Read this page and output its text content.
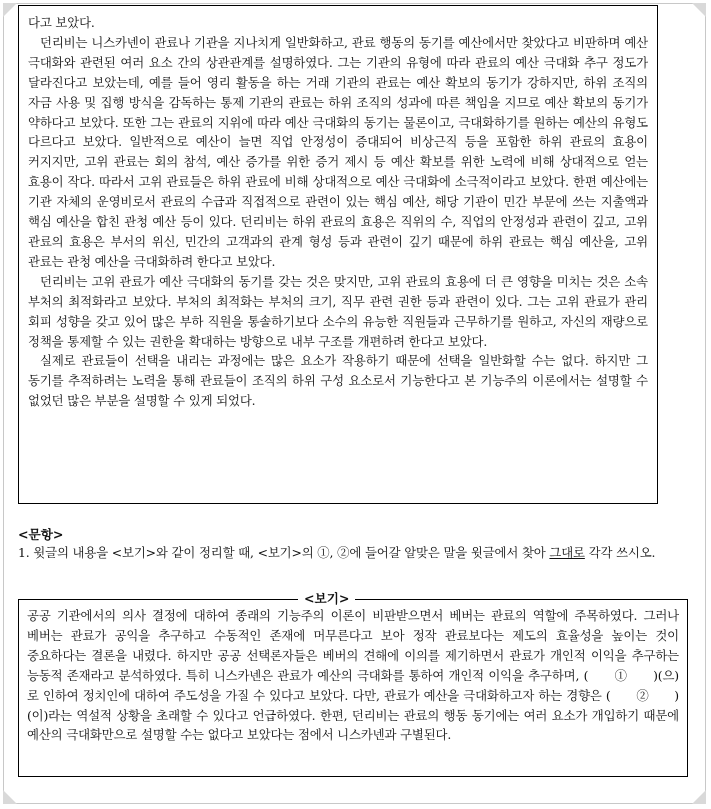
다고 보았다.

던리비는 니스카넨이 관료나 기관을 지나치게 일반화하고, 관료 행동의 동기를 예산에서만 찾았다고 비판하며 예산 극대화와 관련된 여러 요소 간의 상관관계를 설명하였다. 그는 기관의 유형에 따라 관료의 예산 극대화 추구 정도가 달라진다고 보았는데, 예를 들어 영리 활동을 하는 거래 기관의 관료는 예산 확보의 동기가 강하지만, 하위 조직의 자금 사용 및 집행 방식을 감독하는 통제 기관의 관료는 하위 조직의 성과에 따른 책임을 지므로 예산 확보의 동기가 약하다고 보았다. 또한 그는 관료의 지위에 따라 예산 극대화의 동기는 물론이고, 극대화하기를 원하는 예산의 유형도 다르다고 보았다. 일반적으로 예산이 늘면 직업 안정성이 증대되어 비상근직 등을 포함한 하위 관료의 효용이 커지지만, 고위 관료는 회의 참석, 예산 증가를 위한 증거 제시 등 예산 확보를 위한 노력에 비해 상대적으로 얻는 효용이 작다. 따라서 고위 관료들은 하위 관료에 비해 상대적으로 예산 극대화에 소극적이라고 보았다. 한편 예산에는 기관 자체의 운영비로서 관료의 수급과 직접적으로 관련이 있는 핵심 예산, 해당 기관이 민간 부문에 쓰는 지출액과 핵심 예산을 합친 관청 예산 등이 있다. 던리비는 하위 관료의 효용은 직위의 수, 직업의 안정성과 관련이 깊고, 고위 관료의 효용은 부서의 위신, 민간의 고객과의 관계 형성 등과 관련이 깊기 때문에 하위 관료는 핵심 예산을, 고위 관료는 관청 예산을 극대화하려 한다고 보았다.

던리비는 고위 관료가 예산 극대화의 동기를 갖는 것은 맞지만, 고위 관료의 효용에 더 큰 영향을 미치는 것은 소속 부처의 최적화라고 보았다. 부처의 최적화는 부처의 크기, 직무 관련 권한 등과 관련이 있다. 그는 고위 관료가 관리 회피 성향을 갖고 있어 많은 부하 직원을 통솔하기보다 소수의 유능한 직원들과 근무하기를 원하고, 자신의 재량으로 정책을 통제할 수 있는 권한을 확대하는 방향으로 내부 구조를 개편하려 한다고 보았다.

실제로 관료들이 선택을 내리는 과정에는 많은 요소가 작용하기 때문에 선택을 일반화할 수는 없다. 하지만 그 동기를 추적하려는 노력을 통해 관료들이 조직의 하위 구성 요소로서 기능한다고 본 기능주의 이론에서는 설명할 수 없었던 많은 부분을 설명할 수 있게 되었다.

<문항>

1. 윗글의 내용을 <보기>와 같이 정리할 때, <보기>의 ①, ②에 들어갈 알맞은 말을 윗글에서 찾아 그대로 각각 쓰시오.

공공 기관에서의 의사 결정에 대하여 종래의 기능주의 이론이 비판받으면서 베버는 관료의 역할에 주목하였다. 그러나 베버는 관료가 공익을 추구하고 수동적인 존재에 머무른다고 보아 정작 관료보다는 제도의 효율성을 높이는 것이 중요하다는 결론을 내렸다. 하지만 공공 선택론자들은 베버의 견해에 이의를 제기하면서 관료가 개인적 이익을 추구하는 능동적 존재라고 분석하였다. 특히 니스카넨은 관료가 예산의 극대화를 통하여 개인적 이익을 추구하며, (　　①　　)(으)로 인하여 정치인에 대하여 주도성을 가질 수 있다고 보았다. 다만, 관료가 예산을 극대화하고자 하는 경향은 (　　②　　)(이)라는 역설적 상황을 초래할 수 있다고 언급하였다. 한편, 던리비는 관료의 행동 동기에는 여러 요소가 개입하기 때문에 예산의 극대화만으로 설명할 수는 없다고 보았다는 점에서 니스카넨과 구별된다.

<보기>
